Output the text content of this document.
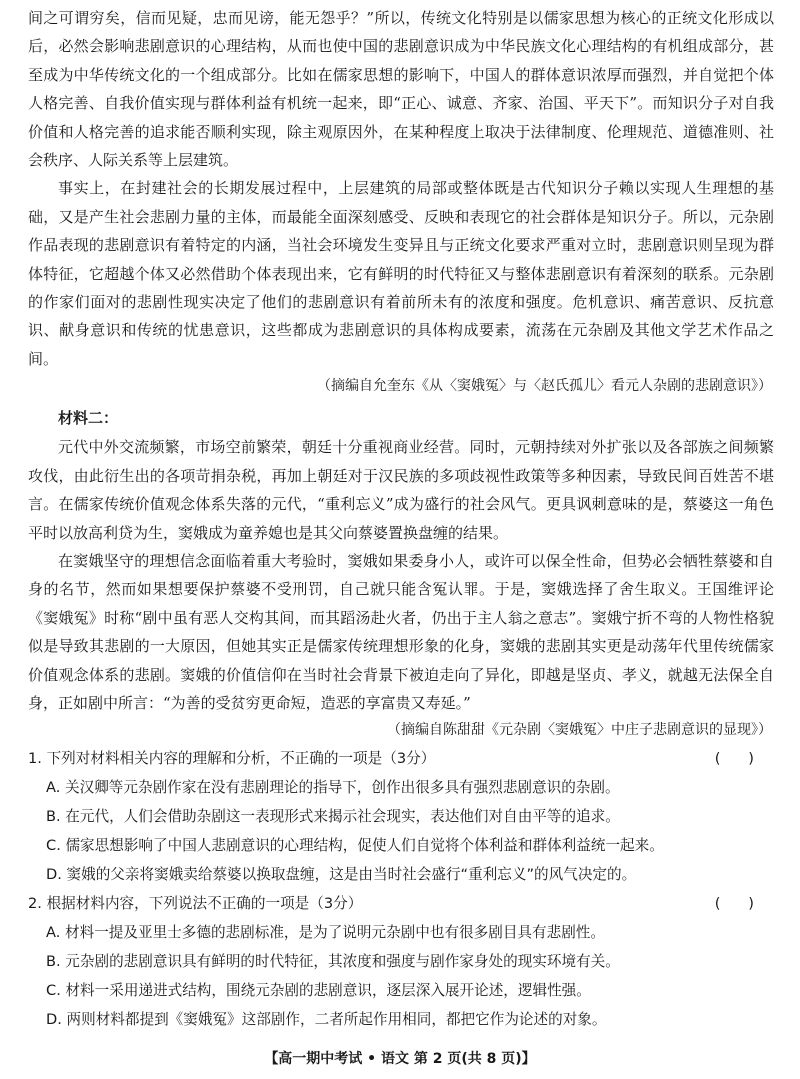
间之可谓穷矣，信而见疑，忠而见谤，能无怨乎？”所以，传统文化特别是以儒家思想为核心的正统文化形成以后，必然会影响悲剧意识的心理结构，从而也使中国的悲剧意识成为中华民族文化心理结构的有机组成部分，甚至成为中华传统文化的一个组成部分。比如在儒家思想的影响下，中国人的群体意识浓厚而强烈，并自觉把个体人格完善、自我价值实现与群体利益有机统一起来，即“正心、诚意、齐家、治国、平天下”。而知识分子对自我价值和人格完善的追求能否顺利实现，除主观原因外，在某种程度上取决于法律制度、伦理规范、道德准则、社会秩序、人际关系等上层建筑。

事实上，在封建社会的长期发展过程中，上层建筑的局部或整体既是古代知识分子赖以实现人生理想的基础，又是产生社会悲剧力量的主体，而最能全面深刻感受、反映和表现它的社会群体是知识分子。所以，元杂剧作品表现的悲剧意识有着特定的内涵，当社会环境发生变异且与正统文化要求严重对立时，悲剧意识则呈现为群体特征，它超越个体又必然借助个体表现出来，它有鲜明的时代特征又与整体悲剧意识有着深刻的联系。元杂剧的作家们面对的悲剧性现实决定了他们的悲剧意识有着前所未有的浓度和强度。危机意识、痛苦意识、反抗意识、献身意识和传统的忧患意识，这些都成为悲剧意识的具体构成要素，流荡在元杂剧及其他文学艺术作品之间。

（摘编自允奎东《从〈窦娥冤〉与〈赵氏孤儿〉看元人杂剧的悲剧意识》）

材料二：

元代中外交流频繁，市场空前繁荣，朝廷十分重视商业经营。同时，元朝持续对外扩张以及各部族之间频繁攻伐，由此衍生出的各项苛捐杂税，再加上朝廷对于汉民族的多项歧视性政策等多种因素，导致民间百姓苦不堪言。在儒家传统价值观念体系失落的元代，“重利忘义”成为盛行的社会风气。更具讽刺意味的是，蔡婆这一角色平时以放高利贷为生，窦娥成为童养媳也是其父向蔡婆置换盘缠的结果。

在窦娥坚守的理想信念面临着重大考验时，窦娥如果委身小人，或许可以保全性命，但势必会牺牲蔡婆和自身的名节，然而如果想要保护蔡婆不受刑罚，自己就只能含冤认罪。于是，窦娥选择了舍生取义。王国维评论《窦娥冤》时称“剧中虽有恶人交构其间，而其蹈汤赴火者，仍出于主人翁之意志”。窦娥宁折不弯的人物性格貌似是导致其悲剧的一大原因，但她其实正是儒家传统理想形象的化身，窦娥的悲剧其实更是动荡年代里传统儒家价值观念体系的悲剧。窦娥的价值信仰在当时社会背景下被迫走向了异化，即越是坚贞、孝义，就越无法保全自身，正如剧中所言：“为善的受贫穷更命短，造恶的享富贵又寿延。”

（摘编自陈甜甜《元杂剧〈窦娥冤〉中庄子悲剧意识的显现》）

1. 下列对材料相关内容的理解和分析，不正确的一项是（3分）	(      )

A. 关汉卿等元杂剧作家在没有悲剧理论的指导下，创作出很多具有强烈悲剧意识的杂剧。

B. 在元代，人们会借助杂剧这一表现形式来揭示社会现实，表达他们对自由平等的追求。

C. 儒家思想影响了中国人悲剧意识的心理结构，促使人们自觉将个体利益和群体利益统一起来。

D. 窦娥的父亲将窦娥卖给蔡婆以换取盘缠，这是由当时社会盛行“重利忘义”的风气决定的。

2. 根据材料内容，下列说法不正确的一项是（3分）	(      )

A. 材料一提及亚里士多德的悲剧标准，是为了说明元杂剧中也有很多剧目具有悲剧性。

B. 元杂剧的悲剧意识具有鲜明的时代特征，其浓度和强度与剧作家身处的现实环境有关。

C. 材料一采用递进式结构，围绕元杂剧的悲剧意识，逐层深入展开论述，逻辑性强。

D. 两则材料都提到《窦娥冤》这部剧作，二者所起作用相同，都把它作为论述的对象。

【高一期中考试 • 语文 第 2 页(共 8 页)】
